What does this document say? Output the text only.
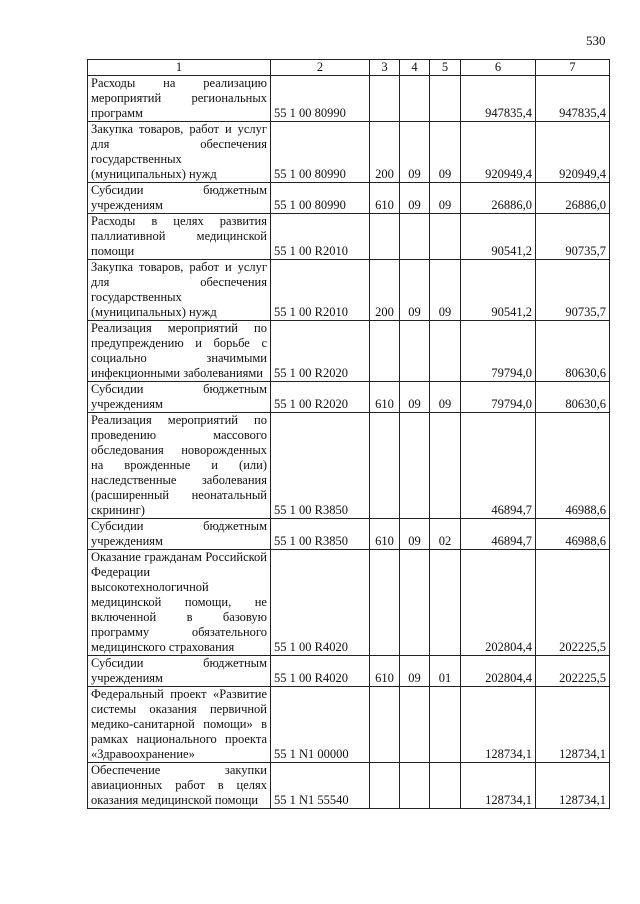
530
1	2	3	4	5	6	7
Расходы на реализацию мероприятий региональных программ	55 1 00 80990				947835,4	947835,4
Закупка товаров, работ и услуг для обеспечения государственных (муниципальных) нужд	55 1 00 80990	200	09	09	920949,4	920949,4
Субсидии бюджетным учреждениям	55 1 00 80990	610	09	09	26886,0	26886,0
Расходы в целях развития паллиативной медицинской помощи	55 1 00 R2010				90541,2	90735,7
Закупка товаров, работ и услуг для обеспечения государственных (муниципальных) нужд	55 1 00 R2010	200	09	09	90541,2	90735,7
Реализация мероприятий по предупреждению и борьбе с социально значимыми инфекционными заболеваниями	55 1 00 R2020				79794,0	80630,6
Субсидии бюджетным учреждениям	55 1 00 R2020	610	09	09	79794,0	80630,6
Реализация мероприятий по проведению массового обследования новорожденных на врожденные и (или) наследственные заболевания (расширенный неонатальный скрининг)	55 1 00 R3850				46894,7	46988,6
Субсидии бюджетным учреждениям	55 1 00 R3850	610	09	02	46894,7	46988,6
Оказание гражданам Российской Федерации высокотехнологичной медицинской помощи, не включенной в базовую программу обязательного медицинского страхования	55 1 00 R4020				202804,4	202225,5
Субсидии бюджетным учреждениям	55 1 00 R4020	610	09	01	202804,4	202225,5
Федеральный проект «Развитие системы оказания первичной медико-санитарной помощи» в рамках национального проекта «Здравоохранение»	55 1 N1 00000				128734,1	128734,1
Обеспечение закупки авиационных работ в целях оказания медицинской помощи	55 1 N1 55540				128734,1	128734,1
